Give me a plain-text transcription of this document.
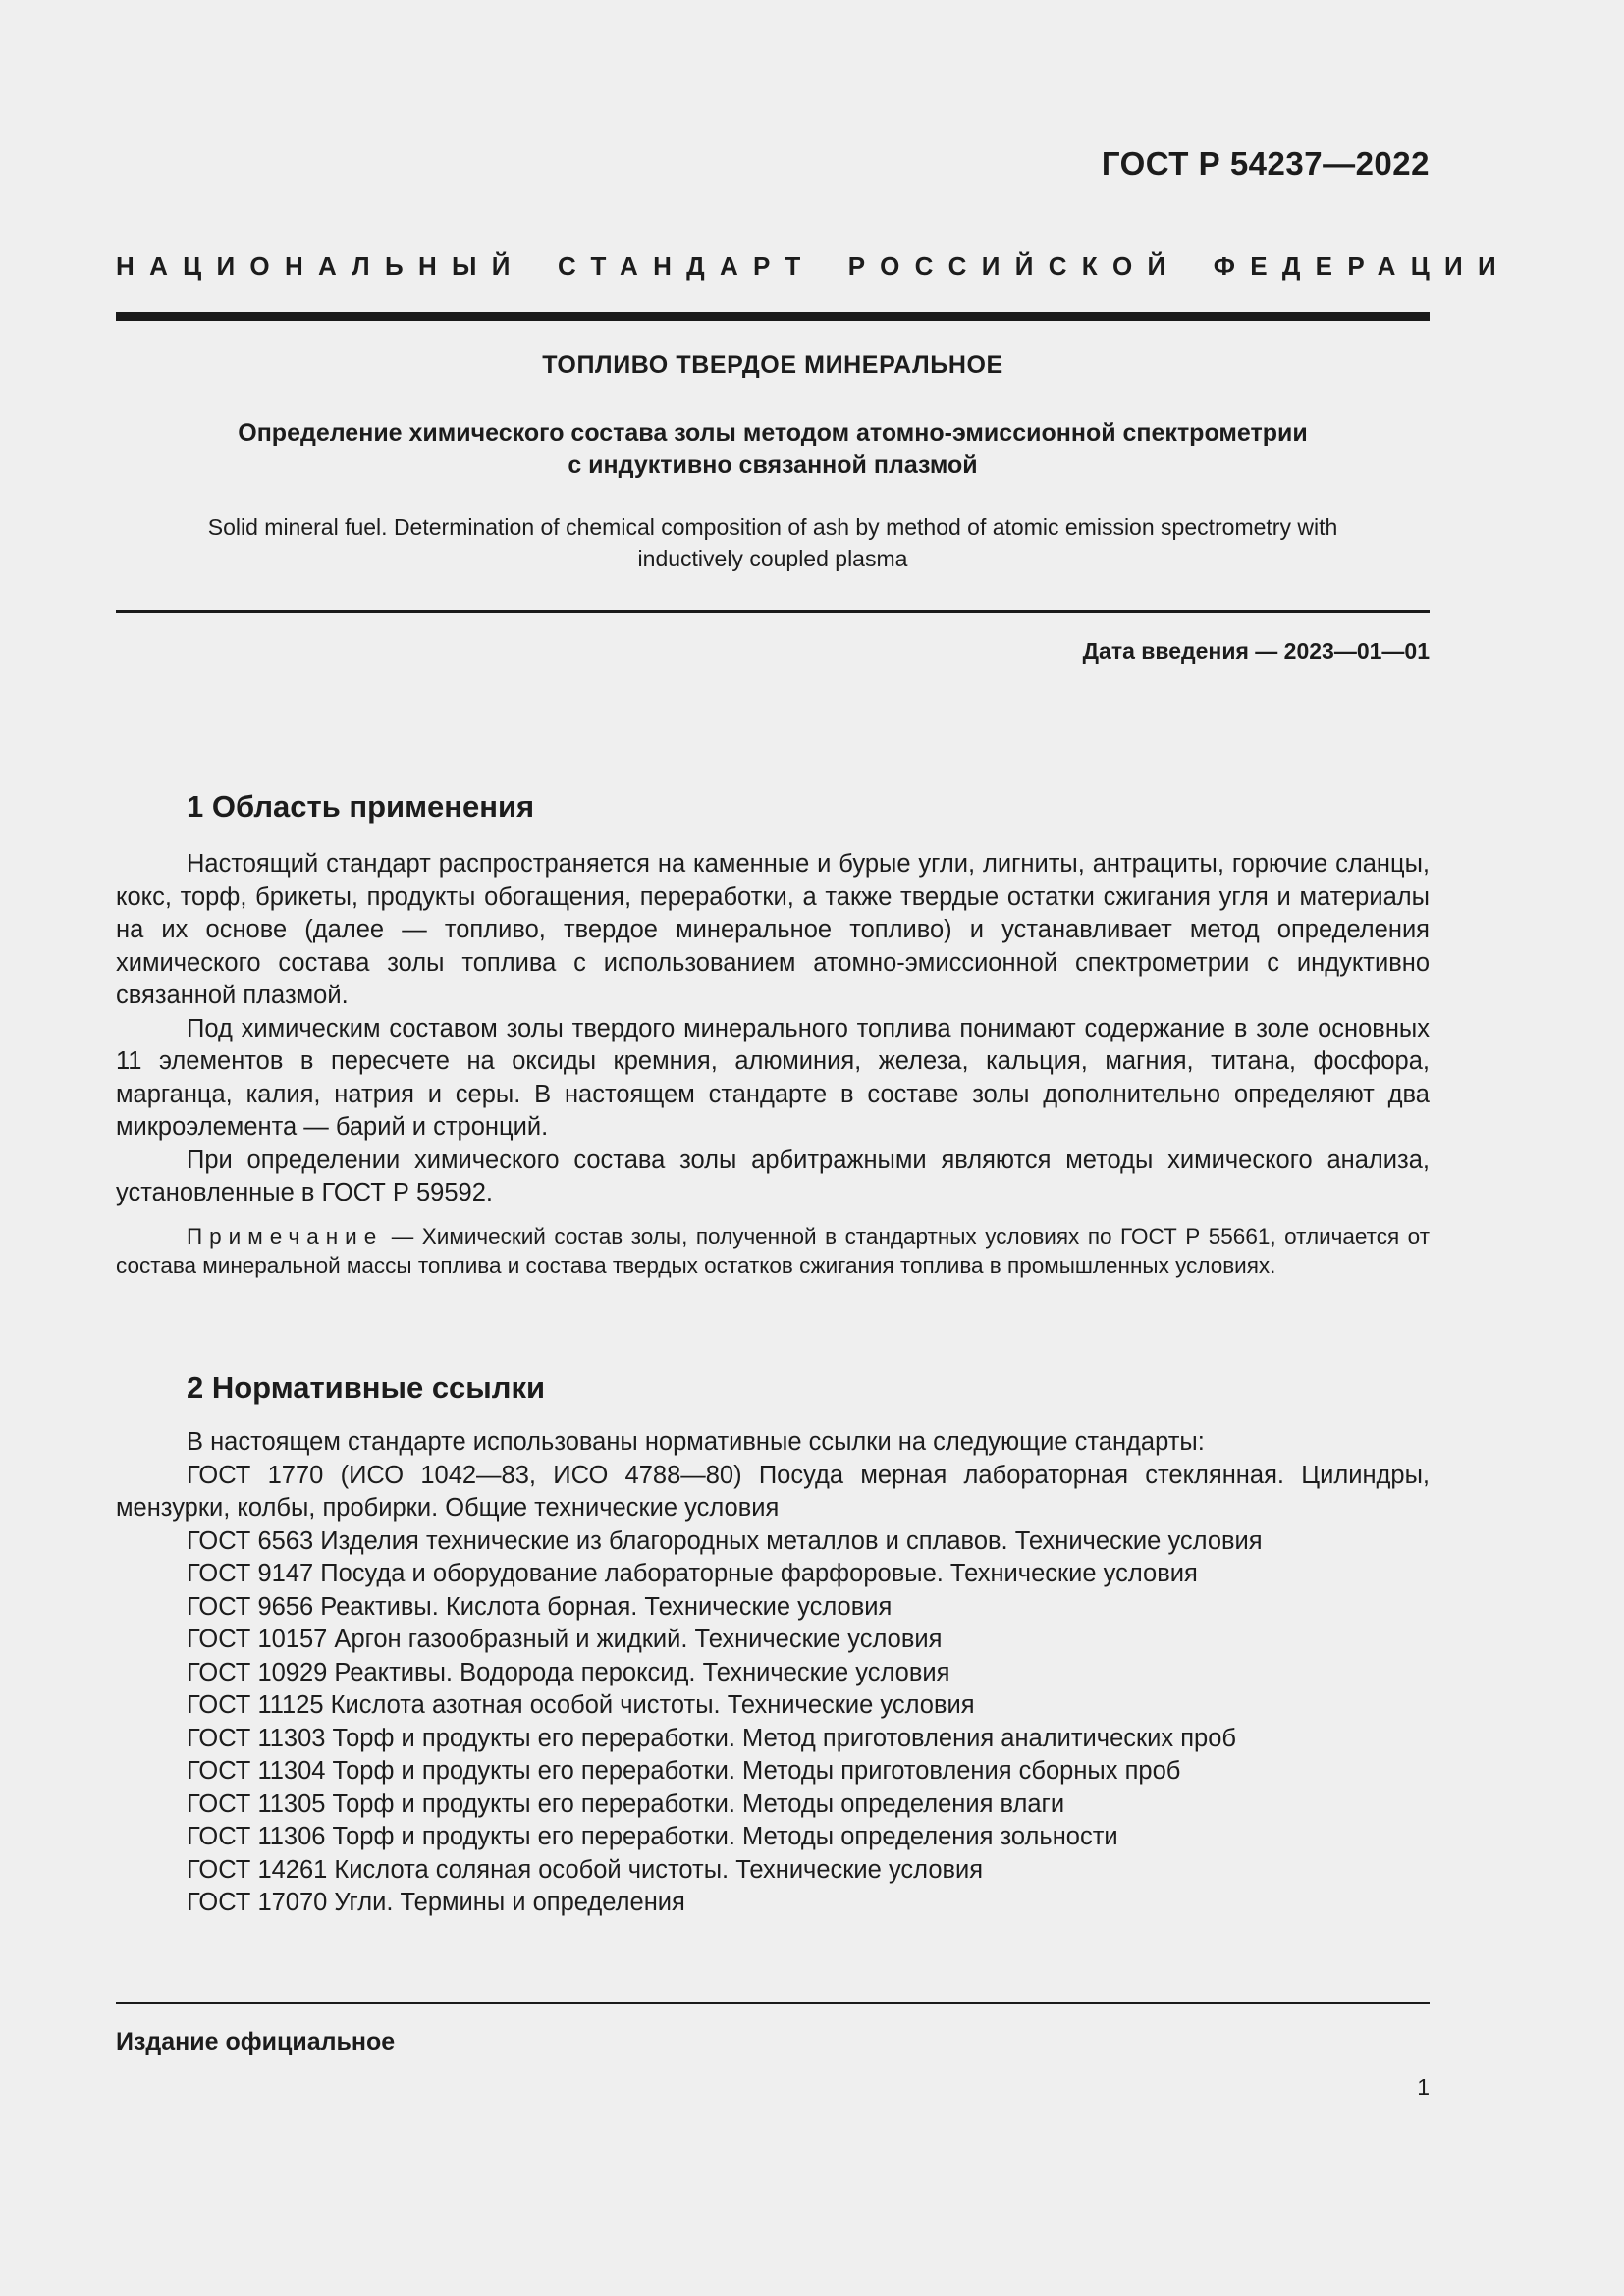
ГОСТ Р 54237—2022
НАЦИОНАЛЬНЫЙ СТАНДАРТ РОССИЙСКОЙ ФЕДЕРАЦИИ
ТОПЛИВО ТВЕРДОЕ МИНЕРАЛЬНОЕ
Определение химического состава золы методом атомно-эмиссионной спектрометрии
с индуктивно связанной плазмой
Solid mineral fuel. Determination of chemical composition of ash by method of atomic emission spectrometry with
inductively coupled plasma
Дата введения — 2023—01—01
1 Область применения

Настоящий стандарт распространяется на каменные и бурые угли, лигниты, антрациты, горючие сланцы, кокс, торф, брикеты, продукты обогащения, переработки, а также твердые остатки сжигания угля и материалы на их основе (далее — топливо, твердое минеральное топливо) и устанавливает метод определения химического состава золы топлива с использованием атомно-эмиссионной спектрометрии с индуктивно связанной плазмой.

Под химическим составом золы твердого минерального топлива понимают содержание в золе основных 11 элементов в пересчете на оксиды кремния, алюминия, железа, кальция, магния, титана, фосфора, марганца, калия, натрия и серы. В настоящем стандарте в составе золы дополнительно определяют два микроэлемента — барий и стронций.

При определении химического состава золы арбитражными являются методы химического анализа, установленные в ГОСТ Р 59592.

Примечание — Химический состав золы, полученной в стандартных условиях по ГОСТ Р 55661, отличается от состава минеральной массы топлива и состава твердых остатков сжигания топлива в промышленных условиях.

2 Нормативные ссылки
В настоящем стандарте использованы нормативные ссылки на следующие стандарты:
ГОСТ 1770 (ИСО 1042—83, ИСО 4788—80) Посуда мерная лабораторная стеклянная. Цилиндры, мензурки, колбы, пробирки. Общие технические условия
ГОСТ 6563 Изделия технические из благородных металлов и сплавов. Технические условия
ГОСТ 9147 Посуда и оборудование лабораторные фарфоровые. Технические условия
ГОСТ 9656 Реактивы. Кислота борная. Технические условия
ГОСТ 10157 Аргон газообразный и жидкий. Технические условия
ГОСТ 10929 Реактивы. Водорода пероксид. Технические условия
ГОСТ 11125 Кислота азотная особой чистоты. Технические условия
ГОСТ 11303 Торф и продукты его переработки. Метод приготовления аналитических проб
ГОСТ 11304 Торф и продукты его переработки. Методы приготовления сборных проб
ГОСТ 11305 Торф и продукты его переработки. Методы определения влаги
ГОСТ 11306 Торф и продукты его переработки. Методы определения зольности
ГОСТ 14261 Кислота соляная особой чистоты. Технические условия
ГОСТ 17070 Угли. Термины и определения
Издание официальное
1
